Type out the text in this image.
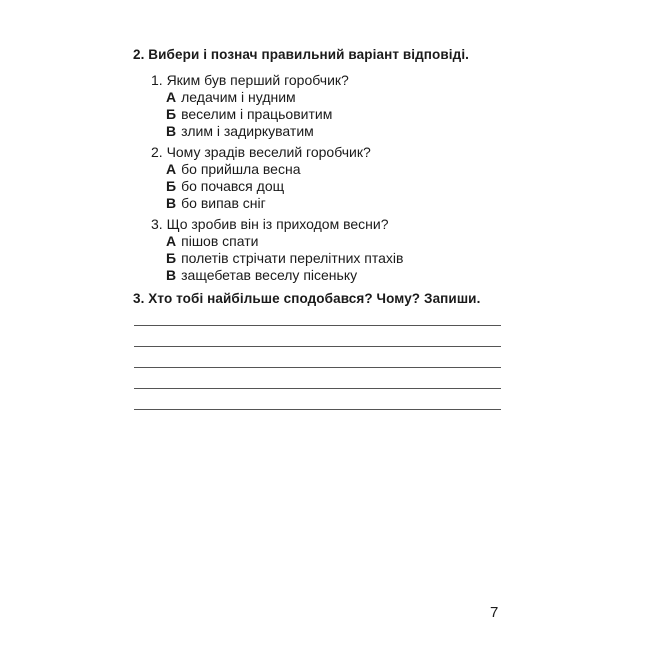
2. Вибери і познач правильний варіант відповіді.
1. Яким був перший горобчик?
А ледачим і нудним
Б веселим і працьовитим
В злим і задиркуватим
2. Чому зрадів веселий горобчик?
А бо прийшла весна
Б бо почався дощ
В бо випав сніг
3. Що зробив він із приходом весни?
А пішов спати
Б полетів стрічати перелітних птахів
В защебетав веселу пісеньку
3. Хто тобі найбільше сподобався? Чому? Запиши.
7
